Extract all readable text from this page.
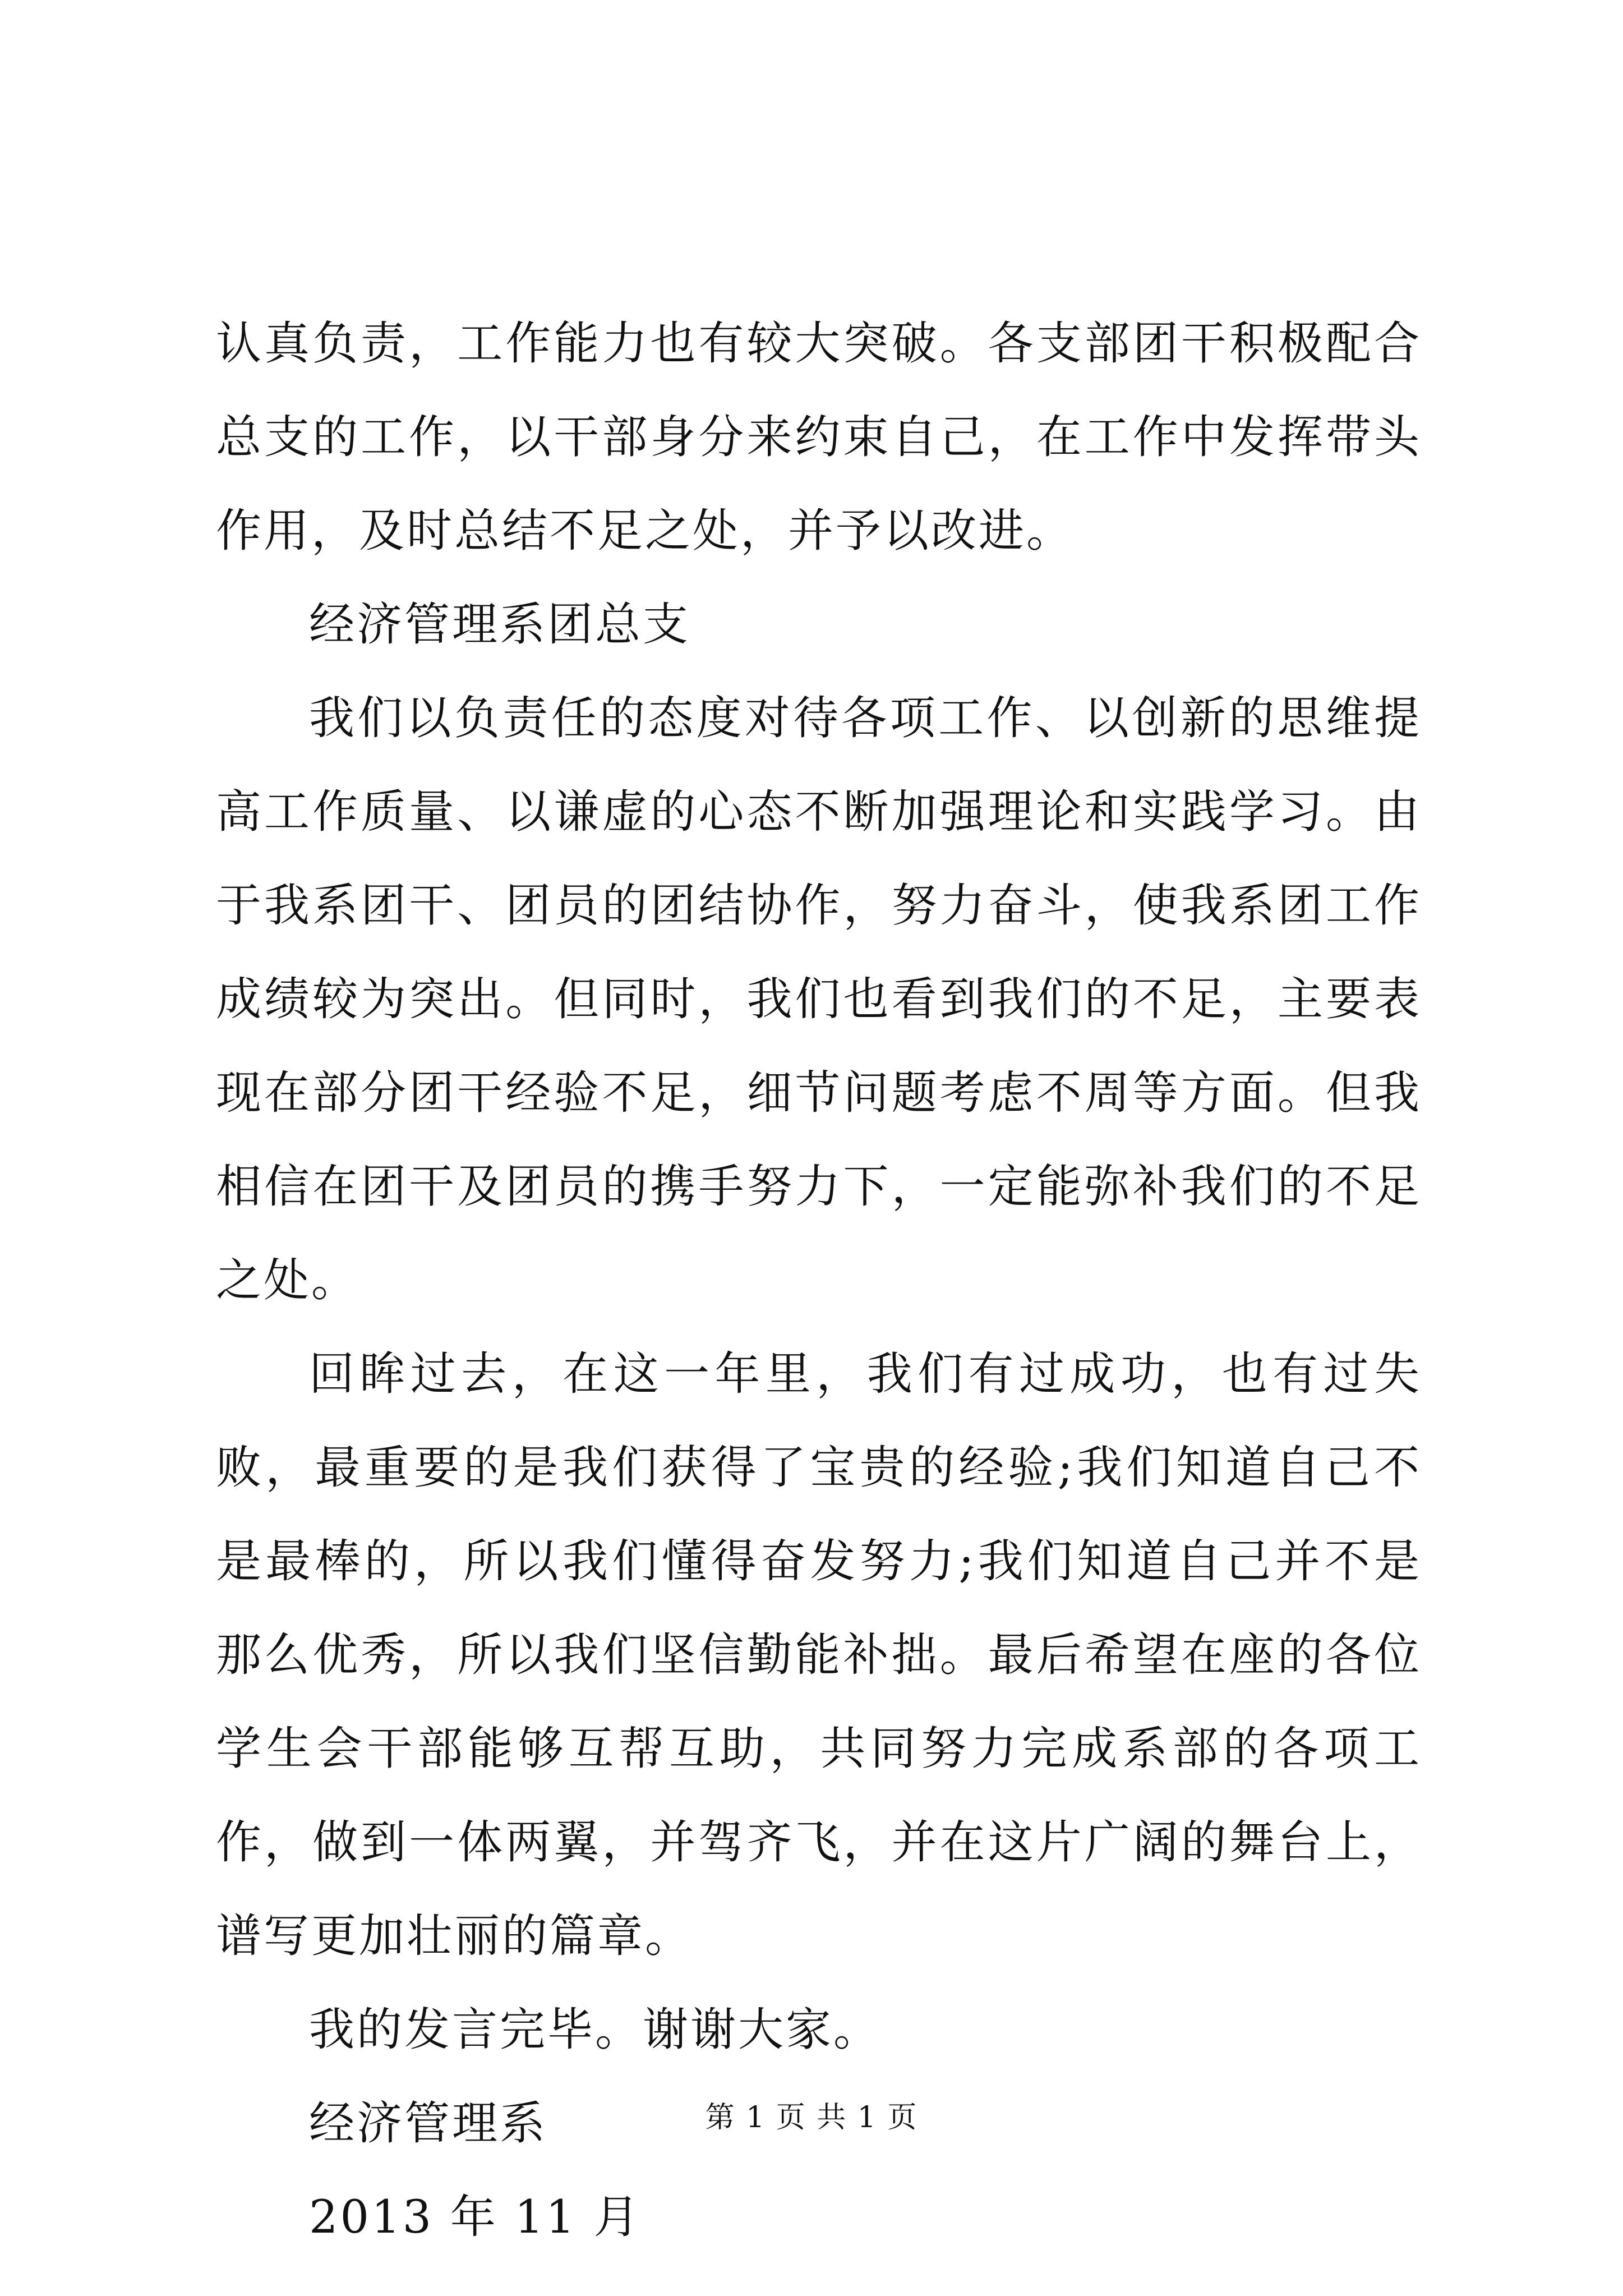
认真负责，工作能力也有较大突破。各支部团干积极配合总支的工作，以干部身分来约束自己，在工作中发挥带头作用，及时总结不足之处，并予以改进。

经济管理系团总支

我们以负责任的态度对待各项工作、以创新的思维提高工作质量、以谦虚的心态不断加强理论和实践学习。由于我系团干、团员的团结协作，努力奋斗，使我系团工作成绩较为突出。但同时，我们也看到我们的不足，主要表现在部分团干经验不足，细节问题考虑不周等方面。但我相信在团干及团员的携手努力下，一定能弥补我们的不足之处。

回眸过去，在这一年里，我们有过成功，也有过失败，最重要的是我们获得了宝贵的经验;我们知道自己不是最棒的，所以我们懂得奋发努力;我们知道自己并不是那么优秀，所以我们坚信勤能补拙。最后希望在座的各位学生会干部能够互帮互助，共同努力完成系部的各项工作，做到一体两翼，并驾齐飞，并在这片广阔的舞台上，谱写更加壮丽的篇章。

我的发言完毕。谢谢大家。

经济管理系

2013 年 11 月

第 1 页 共 1 页
